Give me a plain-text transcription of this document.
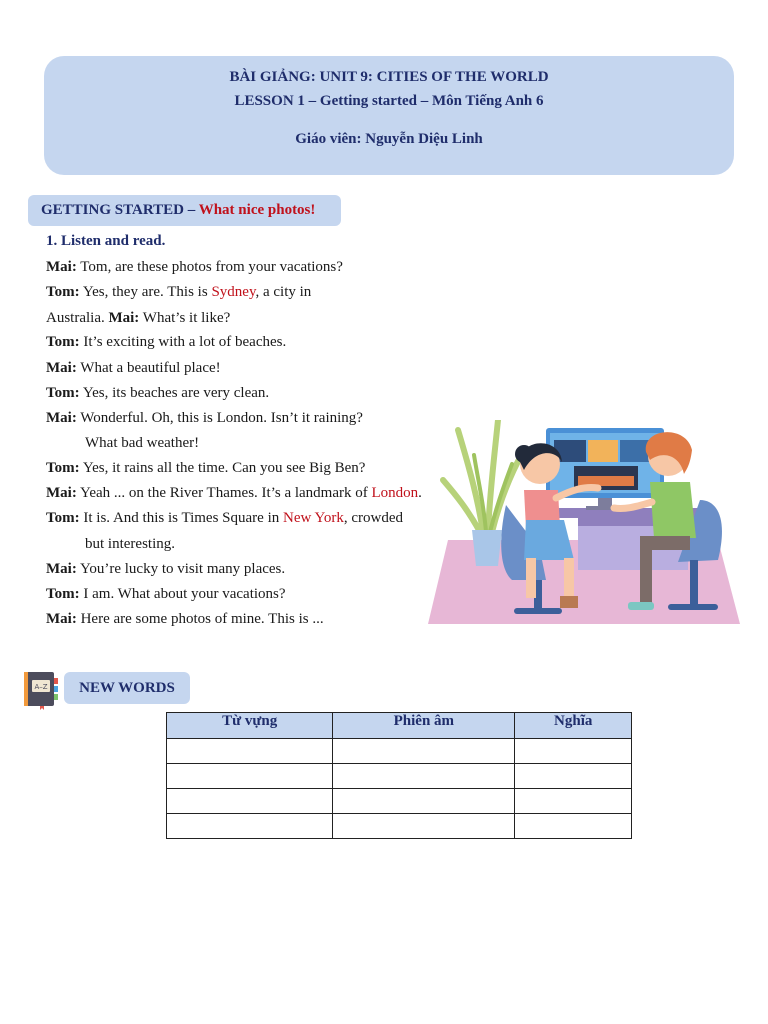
BÀI GIẢNG: UNIT 9: CITIES OF THE WORLD
LESSON 1 – Getting started – Môn Tiếng Anh 6
Giáo viên: Nguyễn Diệu Linh
GETTING STARTED – What nice photos!
1. Listen and read.
Mai: Tom, are these photos from your vacations?
Tom: Yes, they are. This is Sydney, a city in
Australia. Mai: What’s it like?
Tom: It’s exciting with a lot of beaches.
Mai: What a beautiful place!
Tom: Yes, its beaches are very clean.
Mai: Wonderful. Oh, this is London. Isn’t it raining?
What bad weather!
Tom: Yes, it rains all the time. Can you see Big Ben?
Mai: Yeah ... on the River Thames. It’s a landmark of London.
Tom: It is. And this is Times Square in New York, crowded
but interesting.
Mai: You’re lucky to visit many places.
Tom: I am. What about your vacations?
Mai: Here are some photos of mine. This is ...
A–Z	NEW WORDS
Từ vựng	Phiên âm	Nghĩa
